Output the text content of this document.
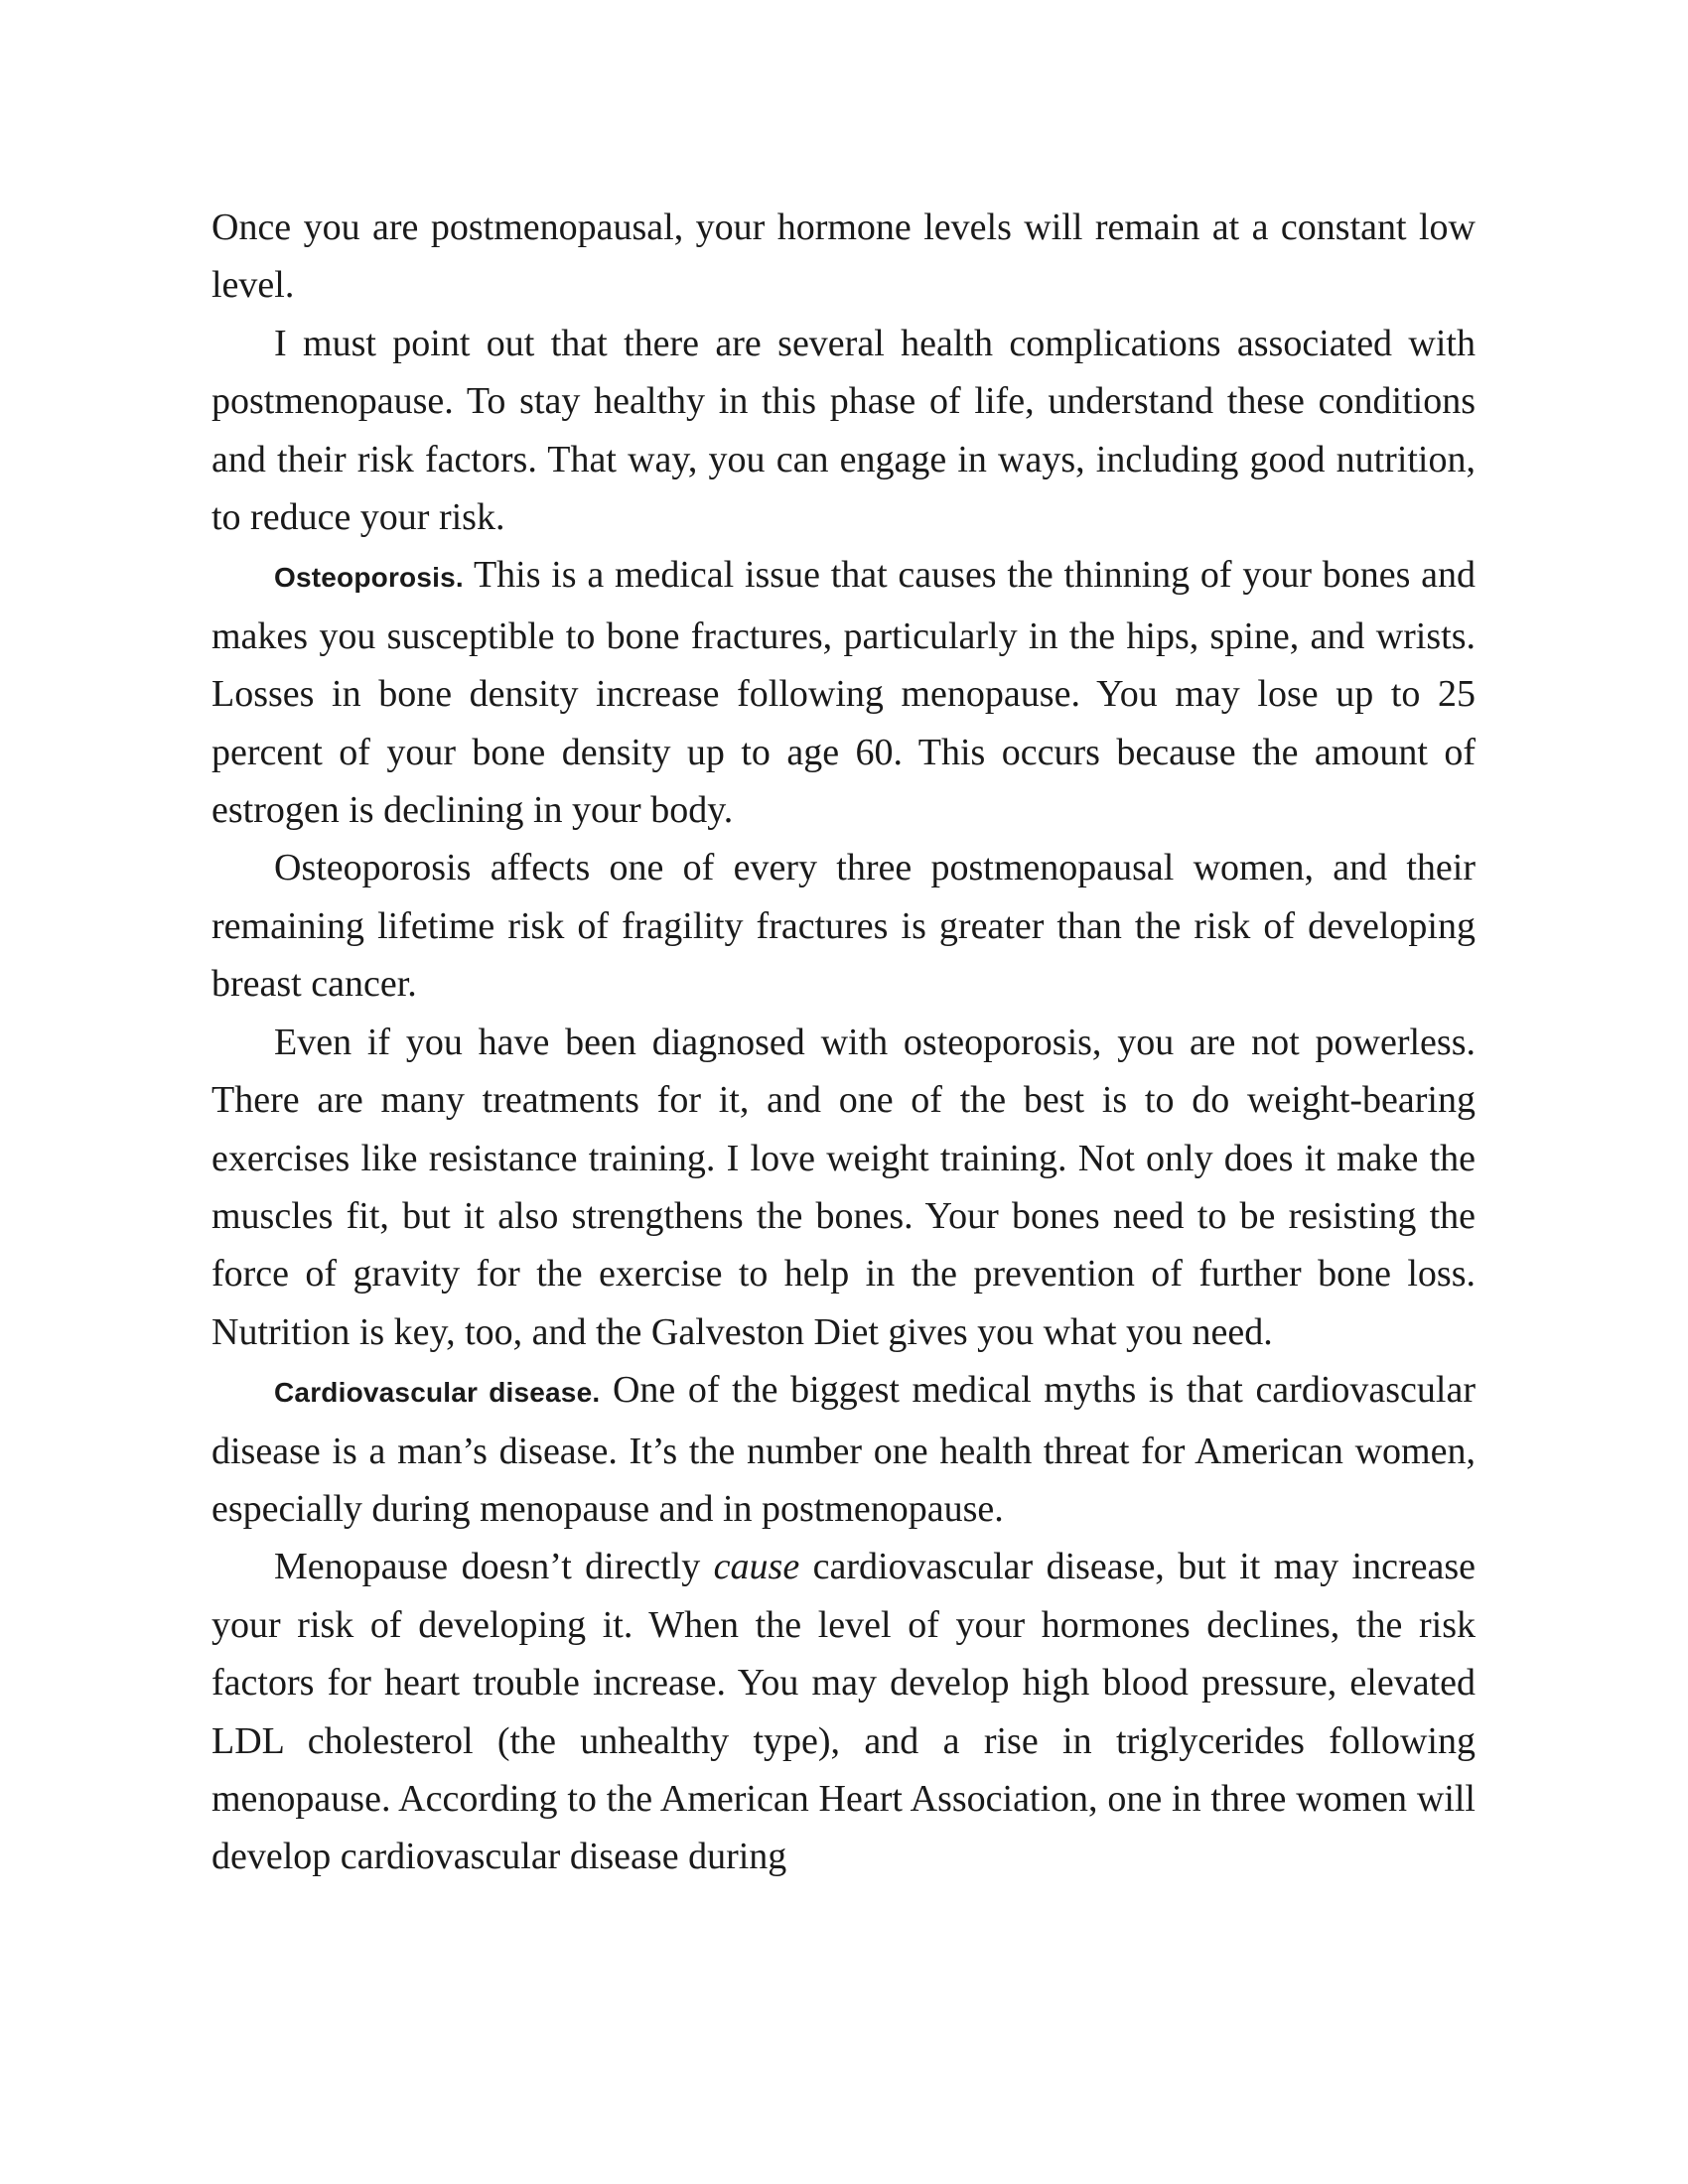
Once you are postmenopausal, your hormone levels will remain at a constant low level.

I must point out that there are several health complications associated with postmenopause. To stay healthy in this phase of life, understand these conditions and their risk factors. That way, you can engage in ways, including good nutrition, to reduce your risk.

Osteoporosis. This is a medical issue that causes the thinning of your bones and makes you susceptible to bone fractures, particularly in the hips, spine, and wrists. Losses in bone density increase following menopause. You may lose up to 25 percent of your bone density up to age 60. This occurs because the amount of estrogen is declining in your body.

Osteoporosis affects one of every three postmenopausal women, and their remaining lifetime risk of fragility fractures is greater than the risk of developing breast cancer.

Even if you have been diagnosed with osteoporosis, you are not powerless. There are many treatments for it, and one of the best is to do weight-bearing exercises like resistance training. I love weight training. Not only does it make the muscles fit, but it also strengthens the bones. Your bones need to be resisting the force of gravity for the exercise to help in the prevention of further bone loss. Nutrition is key, too, and the Galveston Diet gives you what you need.

Cardiovascular disease. One of the biggest medical myths is that cardiovascular disease is a man’s disease. It’s the number one health threat for American women, especially during menopause and in postmenopause.

Menopause doesn’t directly cause cardiovascular disease, but it may increase your risk of developing it. When the level of your hormones declines, the risk factors for heart trouble increase. You may develop high blood pressure, elevated LDL cholesterol (the unhealthy type), and a rise in triglycerides following menopause. According to the American Heart Association, one in three women will develop cardiovascular disease during
